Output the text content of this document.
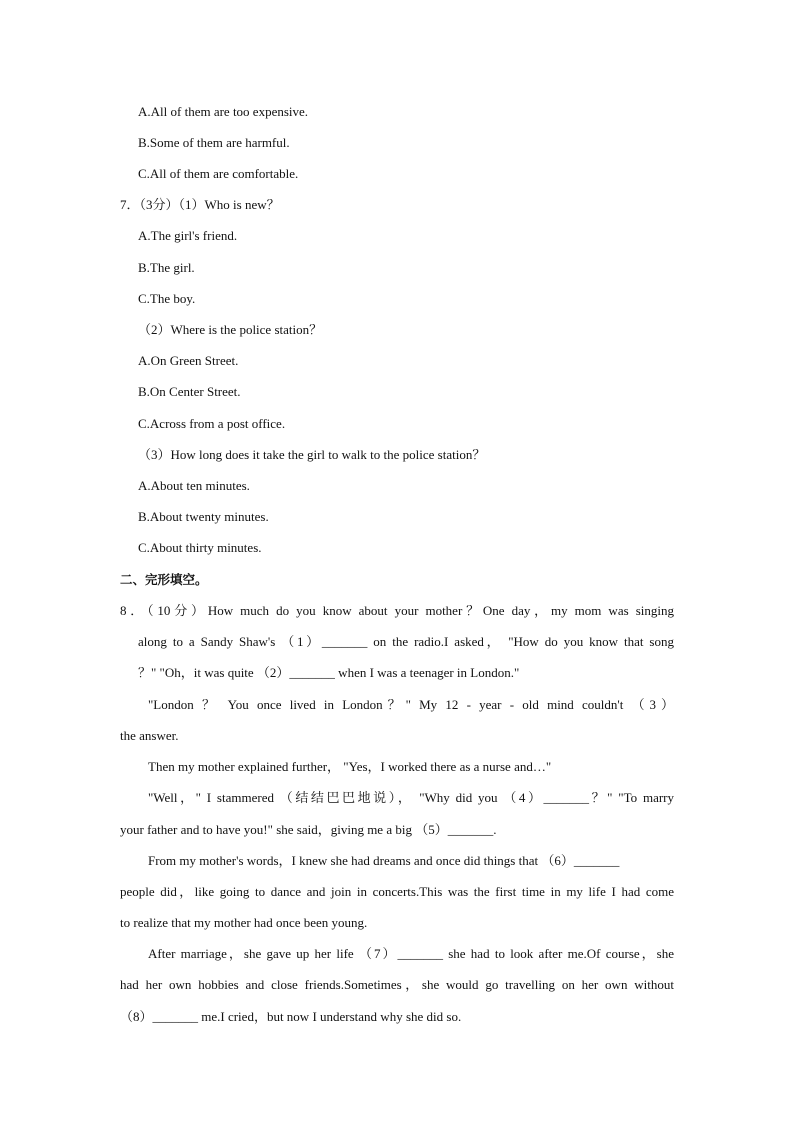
A.All of them are too expensive.
B.Some of them are harmful.
C.All of them are comfortable.
7．（3分）（1）Who is new？
A.The girl's friend.
B.The girl.
C.The boy.
（2）Where is the police station？
A.On Green Street.
B.On Center Street.
C.Across from a post office.
（3）How long does it take the girl to walk to the police station？
A.About ten minutes.
B.About twenty minutes.
C.About thirty minutes.
二、完形填空。
8．（10分）How much do you know about your mother？One day，my mom was singing
along to a Sandy Shaw's （1）_______ on the radio.I asked， "How do you know that song
？" "Oh，it was quite （2）_______ when I was a teenager in London."
"London ？ You once lived in London？" My 12 - year - old mind couldn't （3）
the answer.
Then my mother explained further， "Yes，I worked there as a nurse and…"
"Well，" I stammered （结结巴巴地说）， "Why did you （4）_______？" "To marry
your father and to have you!" she said，giving me a big （5）_______.
From my mother's words，I knew she had dreams and once did things that （6）_______
people did，like going to dance and join in concerts.This was the first time in my life I had come
to realize that my mother had once been young.
After marriage，she gave up her life （7）_______ she had to look after me.Of course，she
had her own hobbies and close friends.Sometimes，she would go travelling on her own without
（8）_______ me.I cried，but now I understand why she did so.
